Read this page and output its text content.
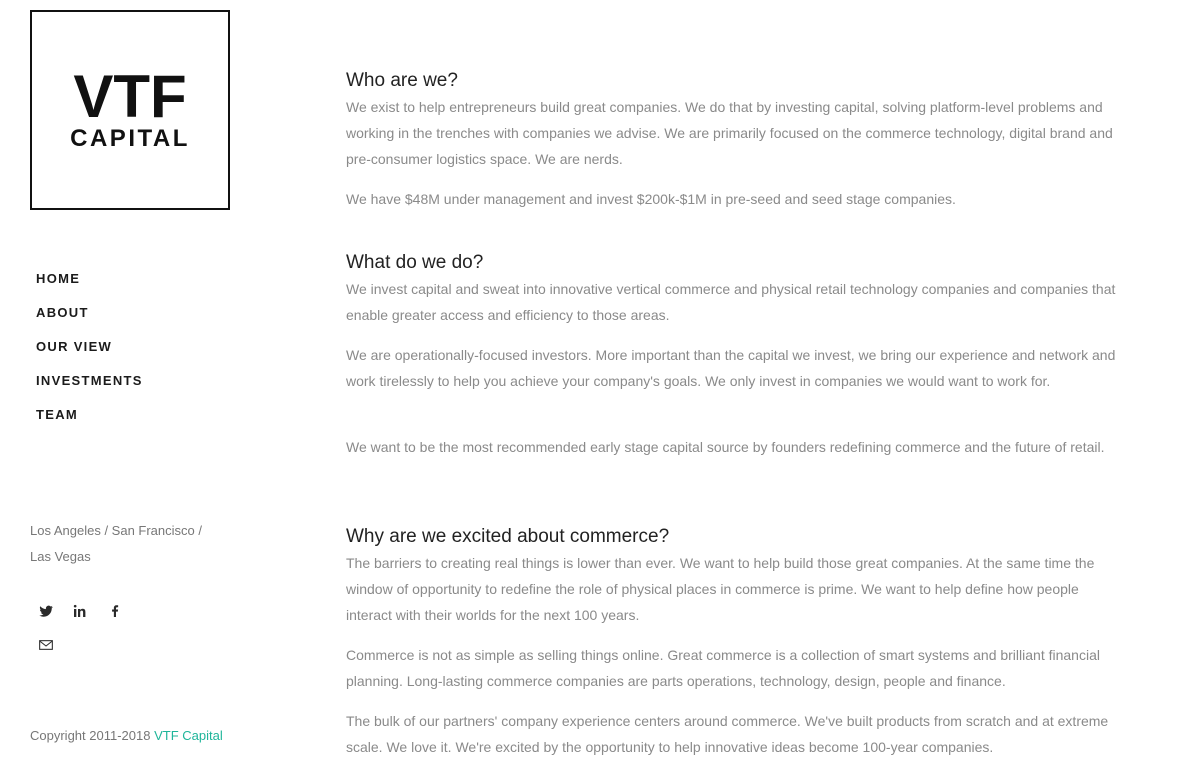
VTF
CAPITAL
HOME
ABOUT
OUR VIEW
INVESTMENTS
TEAM
Los Angeles / San Francisco /
Las Vegas

Copyright 2011-2018 VTF Capital
Who are we?

We exist to help entrepreneurs build great companies. We do that by investing capital, solving platform-level problems and working in the trenches with companies we advise. We are primarily focused on the commerce technology, digital brand and pre-consumer logistics space. We are nerds.

We have $48M under management and invest $200k-$1M in pre-seed and seed stage companies.

What do we do?

We invest capital and sweat into innovative vertical commerce and physical retail technology companies and companies that enable greater access and efficiency to those areas.

We are operationally-focused investors. More important than the capital we invest, we bring our experience and network and work tirelessly to help you achieve your company's goals. We only invest in companies we would want to work for.

We want to be the most recommended early stage capital source by founders redefining commerce and the future of retail.

Why are we excited about commerce?

The barriers to creating real things is lower than ever. We want to help build those great companies. At the same time the window of opportunity to redefine the role of physical places in commerce is prime. We want to help define how people interact with their worlds for the next 100 years.

Commerce is not as simple as selling things online. Great commerce is a collection of smart systems and brilliant financial planning. Long-lasting commerce companies are parts operations, technology, design, people and finance.

The bulk of our partners' company experience centers around commerce. We've built products from scratch and at extreme scale. We love it. We're excited by the opportunity to help innovative ideas become 100-year companies.
